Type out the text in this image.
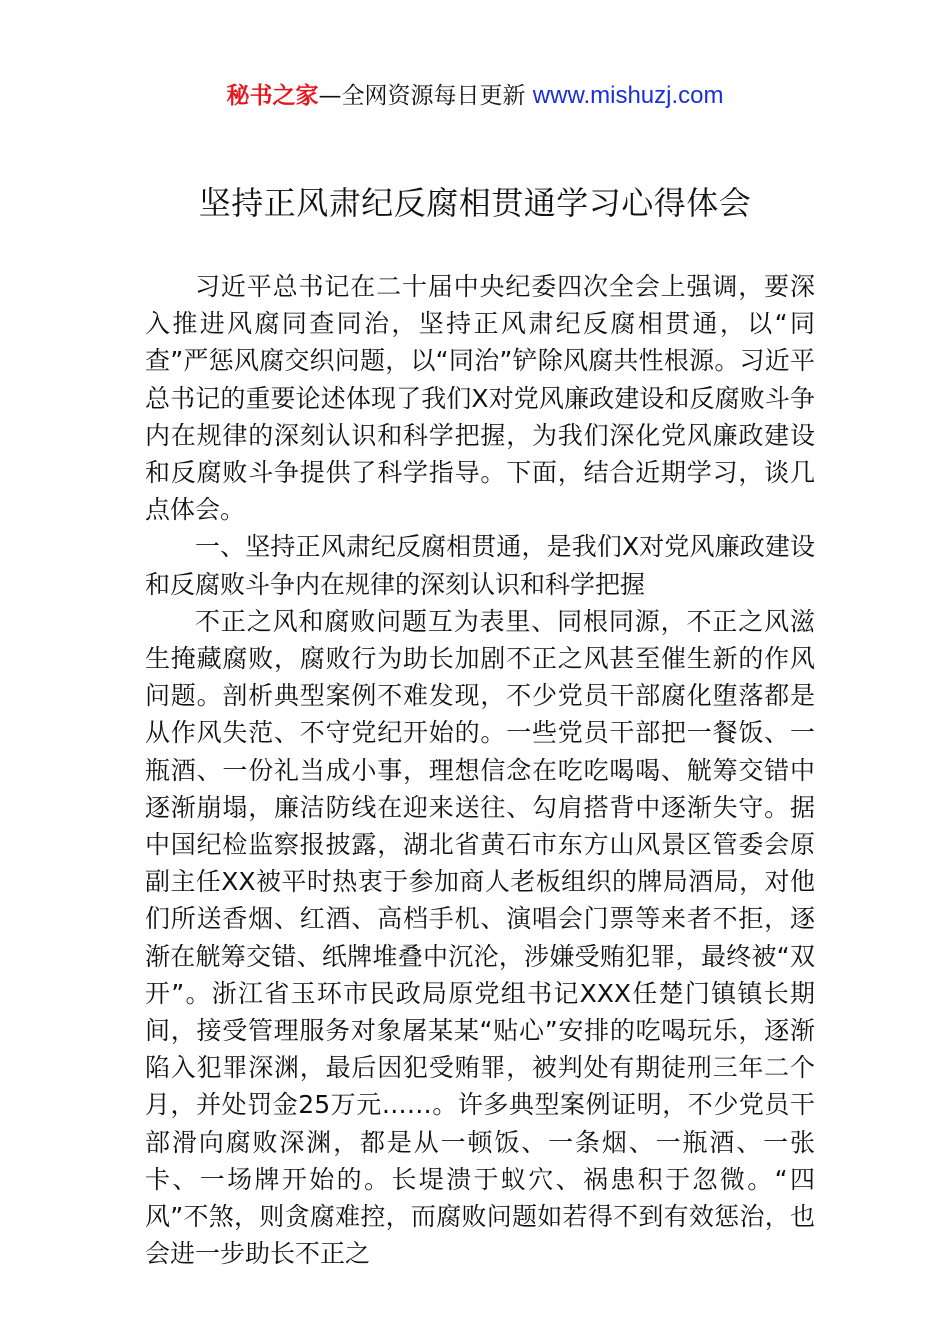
秘书之家—全网资源每日更新 www.mishuzj.com
坚持正风肃纪反腐相贯通学习心得体会

习近平总书记在二十届中央纪委四次全会上强调，要深入推进风腐同查同治，坚持正风肃纪反腐相贯通，以“同查”严惩风腐交织问题，以“同治”铲除风腐共性根源。习近平总书记的重要论述体现了我们X对党风廉政建设和反腐败斗争内在规律的深刻认识和科学把握，为我们深化党风廉政建设和反腐败斗争提供了科学指导。下面，结合近期学习，谈几点体会。

一、坚持正风肃纪反腐相贯通，是我们X对党风廉政建设和反腐败斗争内在规律的深刻认识和科学把握

不正之风和腐败问题互为表里、同根同源，不正之风滋生掩藏腐败，腐败行为助长加剧不正之风甚至催生新的作风问题。剖析典型案例不难发现，不少党员干部腐化堕落都是从作风失范、不守党纪开始的。一些党员干部把一餐饭、一瓶酒、一份礼当成小事，理想信念在吃吃喝喝、觥筹交错中逐渐崩塌，廉洁防线在迎来送往、勾肩搭背中逐渐失守。据中国纪检监察报披露，湖北省黄石市东方山风景区管委会原副主任XX被平时热衷于参加商人老板组织的牌局酒局，对他们所送香烟、红酒、高档手机、演唱会门票等来者不拒，逐渐在觥筹交错、纸牌堆叠中沉沦，涉嫌受贿犯罪，最终被“双开”。浙江省玉环市民政局原党组书记XXX任楚门镇镇长期间，接受管理服务对象屠某某“贴心”安排的吃喝玩乐，逐渐陷入犯罪深渊，最后因犯受贿罪，被判处有期徒刑三年二个月，并处罚金25万元……。许多典型案例证明，不少党员干部滑向腐败深渊，都是从一顿饭、一条烟、一瓶酒、一张卡、一场牌开始的。长堤溃于蚁穴、祸患积于忽微。“四风”不煞，则贪腐难控，而腐败问题如若得不到有效惩治，也会进一步助长不正之
